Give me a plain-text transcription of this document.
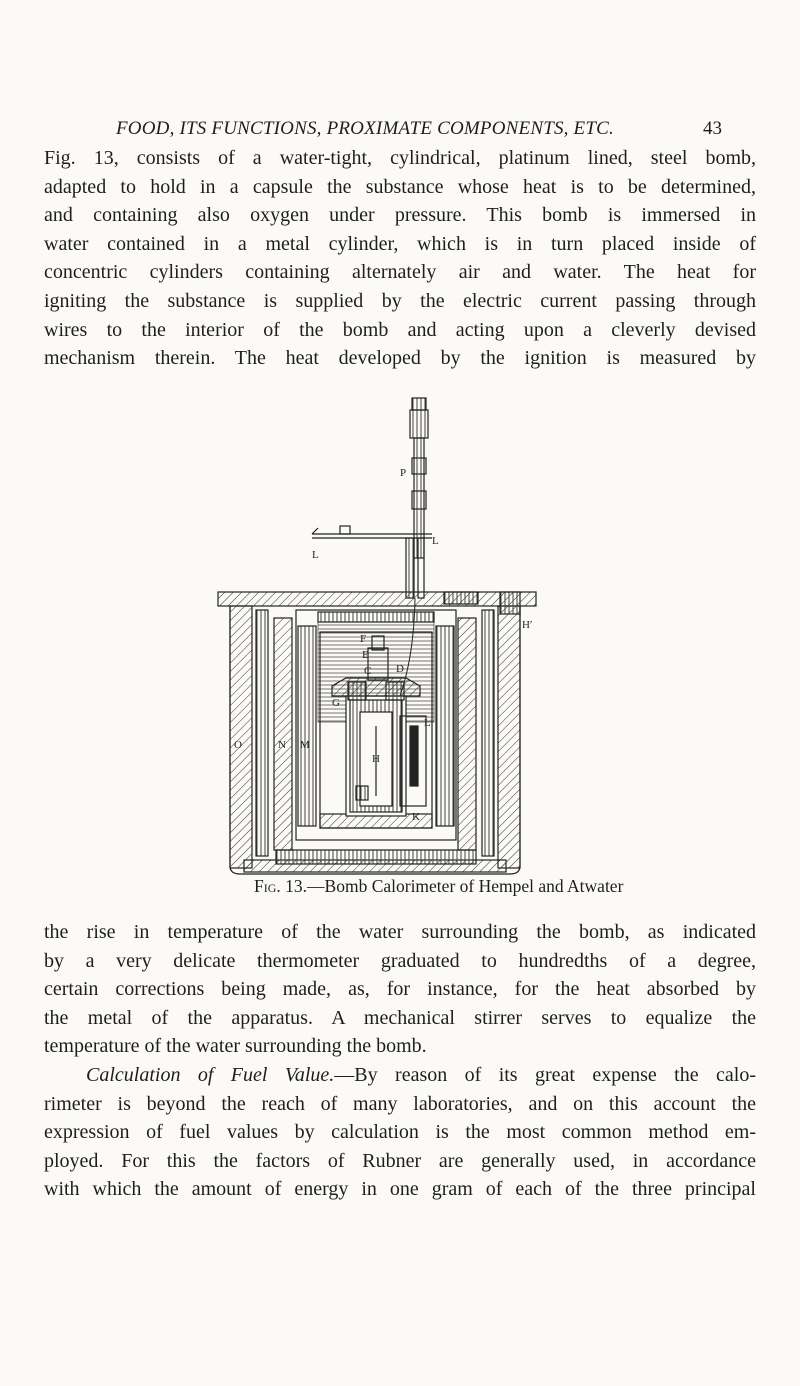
FOOD, ITS FUNCTIONS, PROXIMATE COMPONENTS, ETC.	43
Fig. 13, consists of a water-tight, cylindrical, platinum lined, steel bomb,
adapted to hold in a capsule the substance whose heat is to be determined,
and containing also oxygen under pressure. This bomb is immersed in
water contained in a metal cylinder, which is in turn placed inside of
concentric cylinders containing alternately air and water. The heat for
igniting the substance is supplied by the electric current passing through
wires to the interior of the bomb and acting upon a cleverly devised
mechanism therein. The heat developed by the ignition is measured by
P
L
L
H′
O	N M
H
F
E
D
C
G
L′
K
Fig. 13.—Bomb Calorimeter of Hempel and Atwater
the rise in temperature of the water surrounding the bomb, as indicated
by a very delicate thermometer graduated to hundredths of a degree,
certain corrections being made, as, for instance, for the heat absorbed by
the metal of the apparatus. A mechanical stirrer serves to equalize the
temperature of the water surrounding the bomb.
Calculation of Fuel Value.—By reason of its great expense the calo-
rimeter is beyond the reach of many laboratories, and on this account the
expression of fuel values by calculation is the most common method em-
ployed. For this the factors of Rubner are generally used, in accordance
with which the amount of energy in one gram of each of the three principal
